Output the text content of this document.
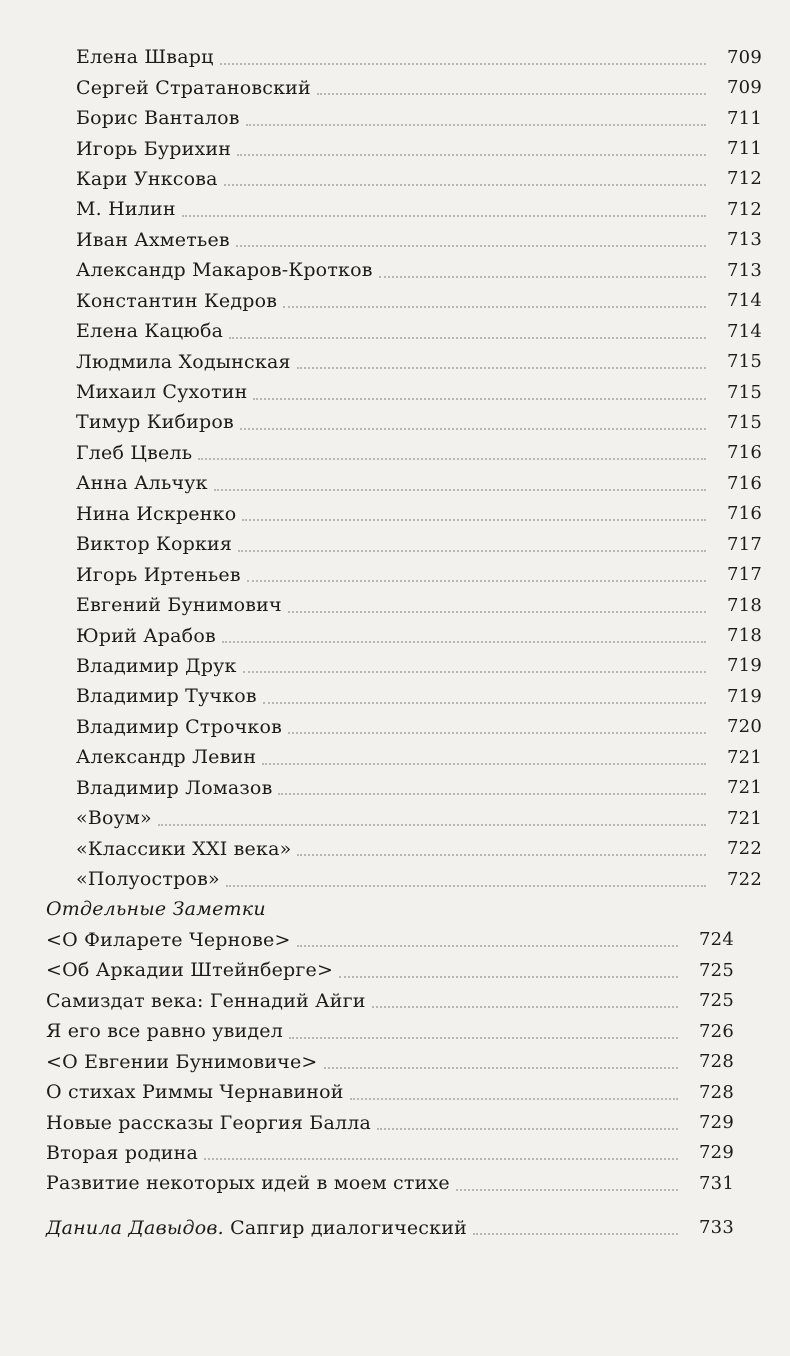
Елена Шварц	709
Сергей Стратановский	709
Борис Ванталов	711
Игорь Бурихин	711
Кари Унксова	712
М. Нилин	712
Иван Ахметьев	713
Александр Макаров-Кротков	713
Константин Кедров	714
Елена Кацюба	714
Людмила Ходынская	715
Михаил Сухотин	715
Тимур Кибиров	715
Глеб Цвель	716
Анна Альчук	716
Нина Искренко	716
Виктор Коркия	717
Игорь Иртеньев	717
Евгений Бунимович	718
Юрий Арабов	718
Владимир Друк	719
Владимир Тучков	719
Владимир Строчков	720
Александр Левин	721
Владимир Ломазов	721
«Воум»	721
«Классики XXI века»	722
«Полуостров»	722
Отдельные Заметки
<О Филарете Чернове>	724
<Об Аркадии Штейнберге>	725
Самиздат века: Геннадий Айги	725
Я его все равно увидел	726
<О Евгении Бунимовиче>	728
О стихах Риммы Чернавиной	728
Новые рассказы Георгия Балла	729
Вторая родина	729
Развитие некоторых идей в моем стихе	731
Данила Давыдов. Сапгир диалогический	733
